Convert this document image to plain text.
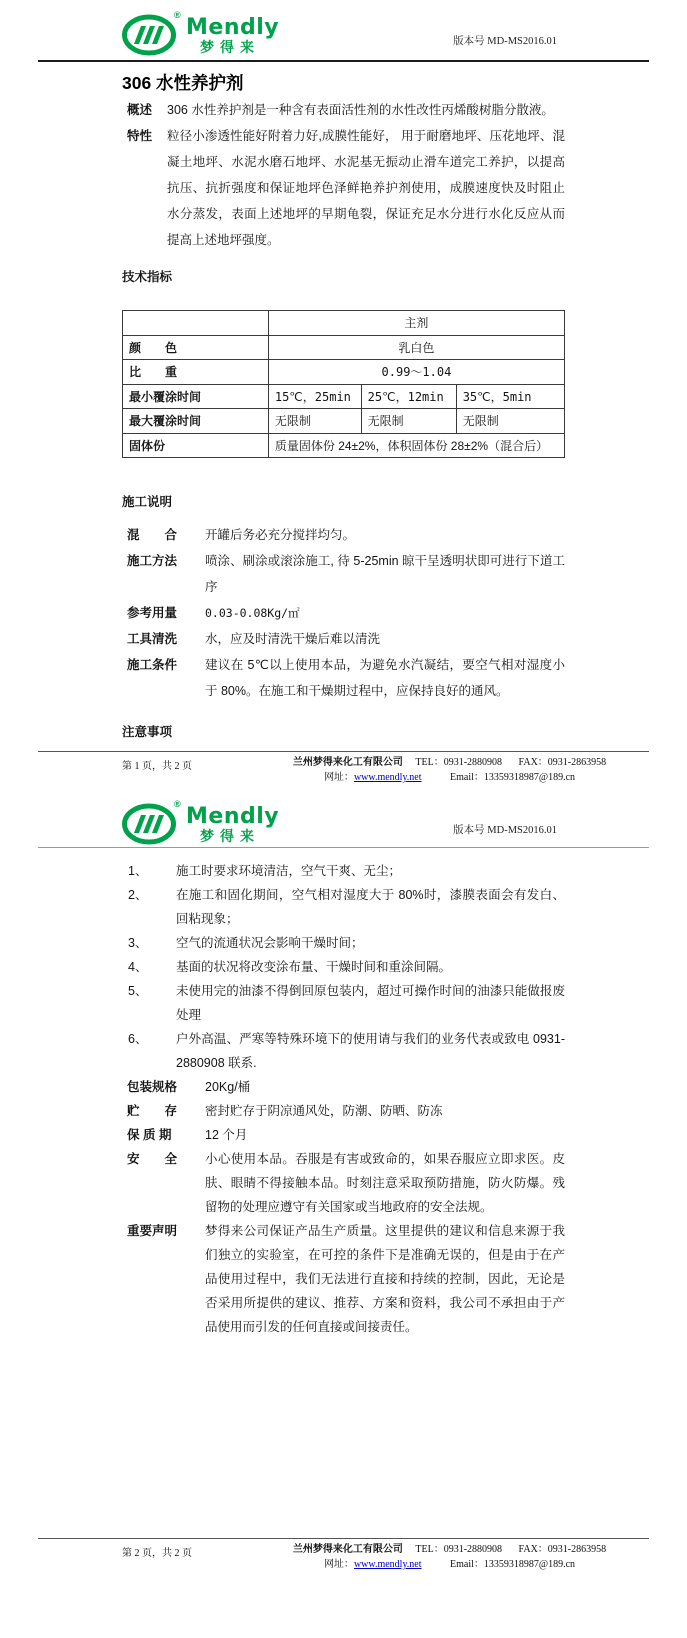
® Mendly
梦得来	版本号 MD-MS2016.01
306 水性养护剂
概述	306 水性养护剂是一种含有表面活性剂的水性改性丙烯酸树脂分散液。
特性	粒径小渗透性能好附着力好,成膜性能好， 用于耐磨地坪、压花地坪、混凝土地坪、水泥水磨石地坪、水泥基无振动止滑车道完工养护，以提高抗压、抗折强度和保证地坪色泽鲜艳养护剂使用，成膜速度快及时阻止水分蒸发，表面上述地坪的早期龟裂，保证充足水分进行水化反应从而提高上述地坪强度。
技术指标
	主剂		
颜　　色	乳白色		
比　　重	0.99～1.04		
最小覆涂时间	15℃，25min	25℃，12min	35℃，5min
最大覆涂时间	无限制	无限制	无限制
固体份	质量固体份 24±2%，体积固体份 28±2%（混合后）		
施工说明
混　　合	开罐后务必充分搅拌均匀。
施工方法	喷涂、刷涂或滚涂施工, 待 5-25min 晾干呈透明状即可进行下道工序
参考用量	0.03-0.08Kg/㎡
工具清洗	水，应及时清洗干燥后难以清洗
施工条件	建议在 5℃以上使用本品，为避免水汽凝结，要空气相对湿度小于 80%。在施工和干燥期过程中，应保持良好的通风。
注意事项
第 1 页，共 2 页	兰州梦得来化工有限公司 TEL：0931-2880908 FAX：0931-2863958
网址：www.mendly.net	Email：13359318987@189.cn
® Mendly
梦得来	版本号 MD-MS2016.01
1、	施工时要求环境清洁，空气干爽、无尘；
2、	在施工和固化期间，空气相对湿度大于 80%时，漆膜表面会有发白、回粘现象；
3、	空气的流通状况会影响干燥时间；
4、	基面的状况将改变涂布量、干燥时间和重涂间隔。
5、	未使用完的油漆不得倒回原包装内，超过可操作时间的油漆只能做报废处理
6、	户外高温、严寒等特殊环境下的使用请与我们的业务代表或致电 0931-2880908 联系.
包装规格	20Kg/桶
贮　　存	密封贮存于阴凉通风处，防潮、防晒、防冻
保 质 期	12 个月
安　　全	小心使用本品。吞服是有害或致命的，如果吞服应立即求医。皮肤、眼睛不得接触本品。时刻注意采取预防措施，防火防爆。残留物的处理应遵守有关国家或当地政府的安全法规。
重要声明	梦得来公司保证产品生产质量。这里提供的建议和信息来源于我们独立的实验室，在可控的条件下是准确无误的，但是由于在产品使用过程中，我们无法进行直接和持续的控制，因此，无论是否采用所提供的建议、推荐、方案和资料，我公司不承担由于产品使用而引发的任何直接或间接责任。
第 2 页，共 2 页	兰州梦得来化工有限公司 TEL：0931-2880908 FAX：0931-2863958
网址：www.mendly.net	Email：13359318987@189.cn
